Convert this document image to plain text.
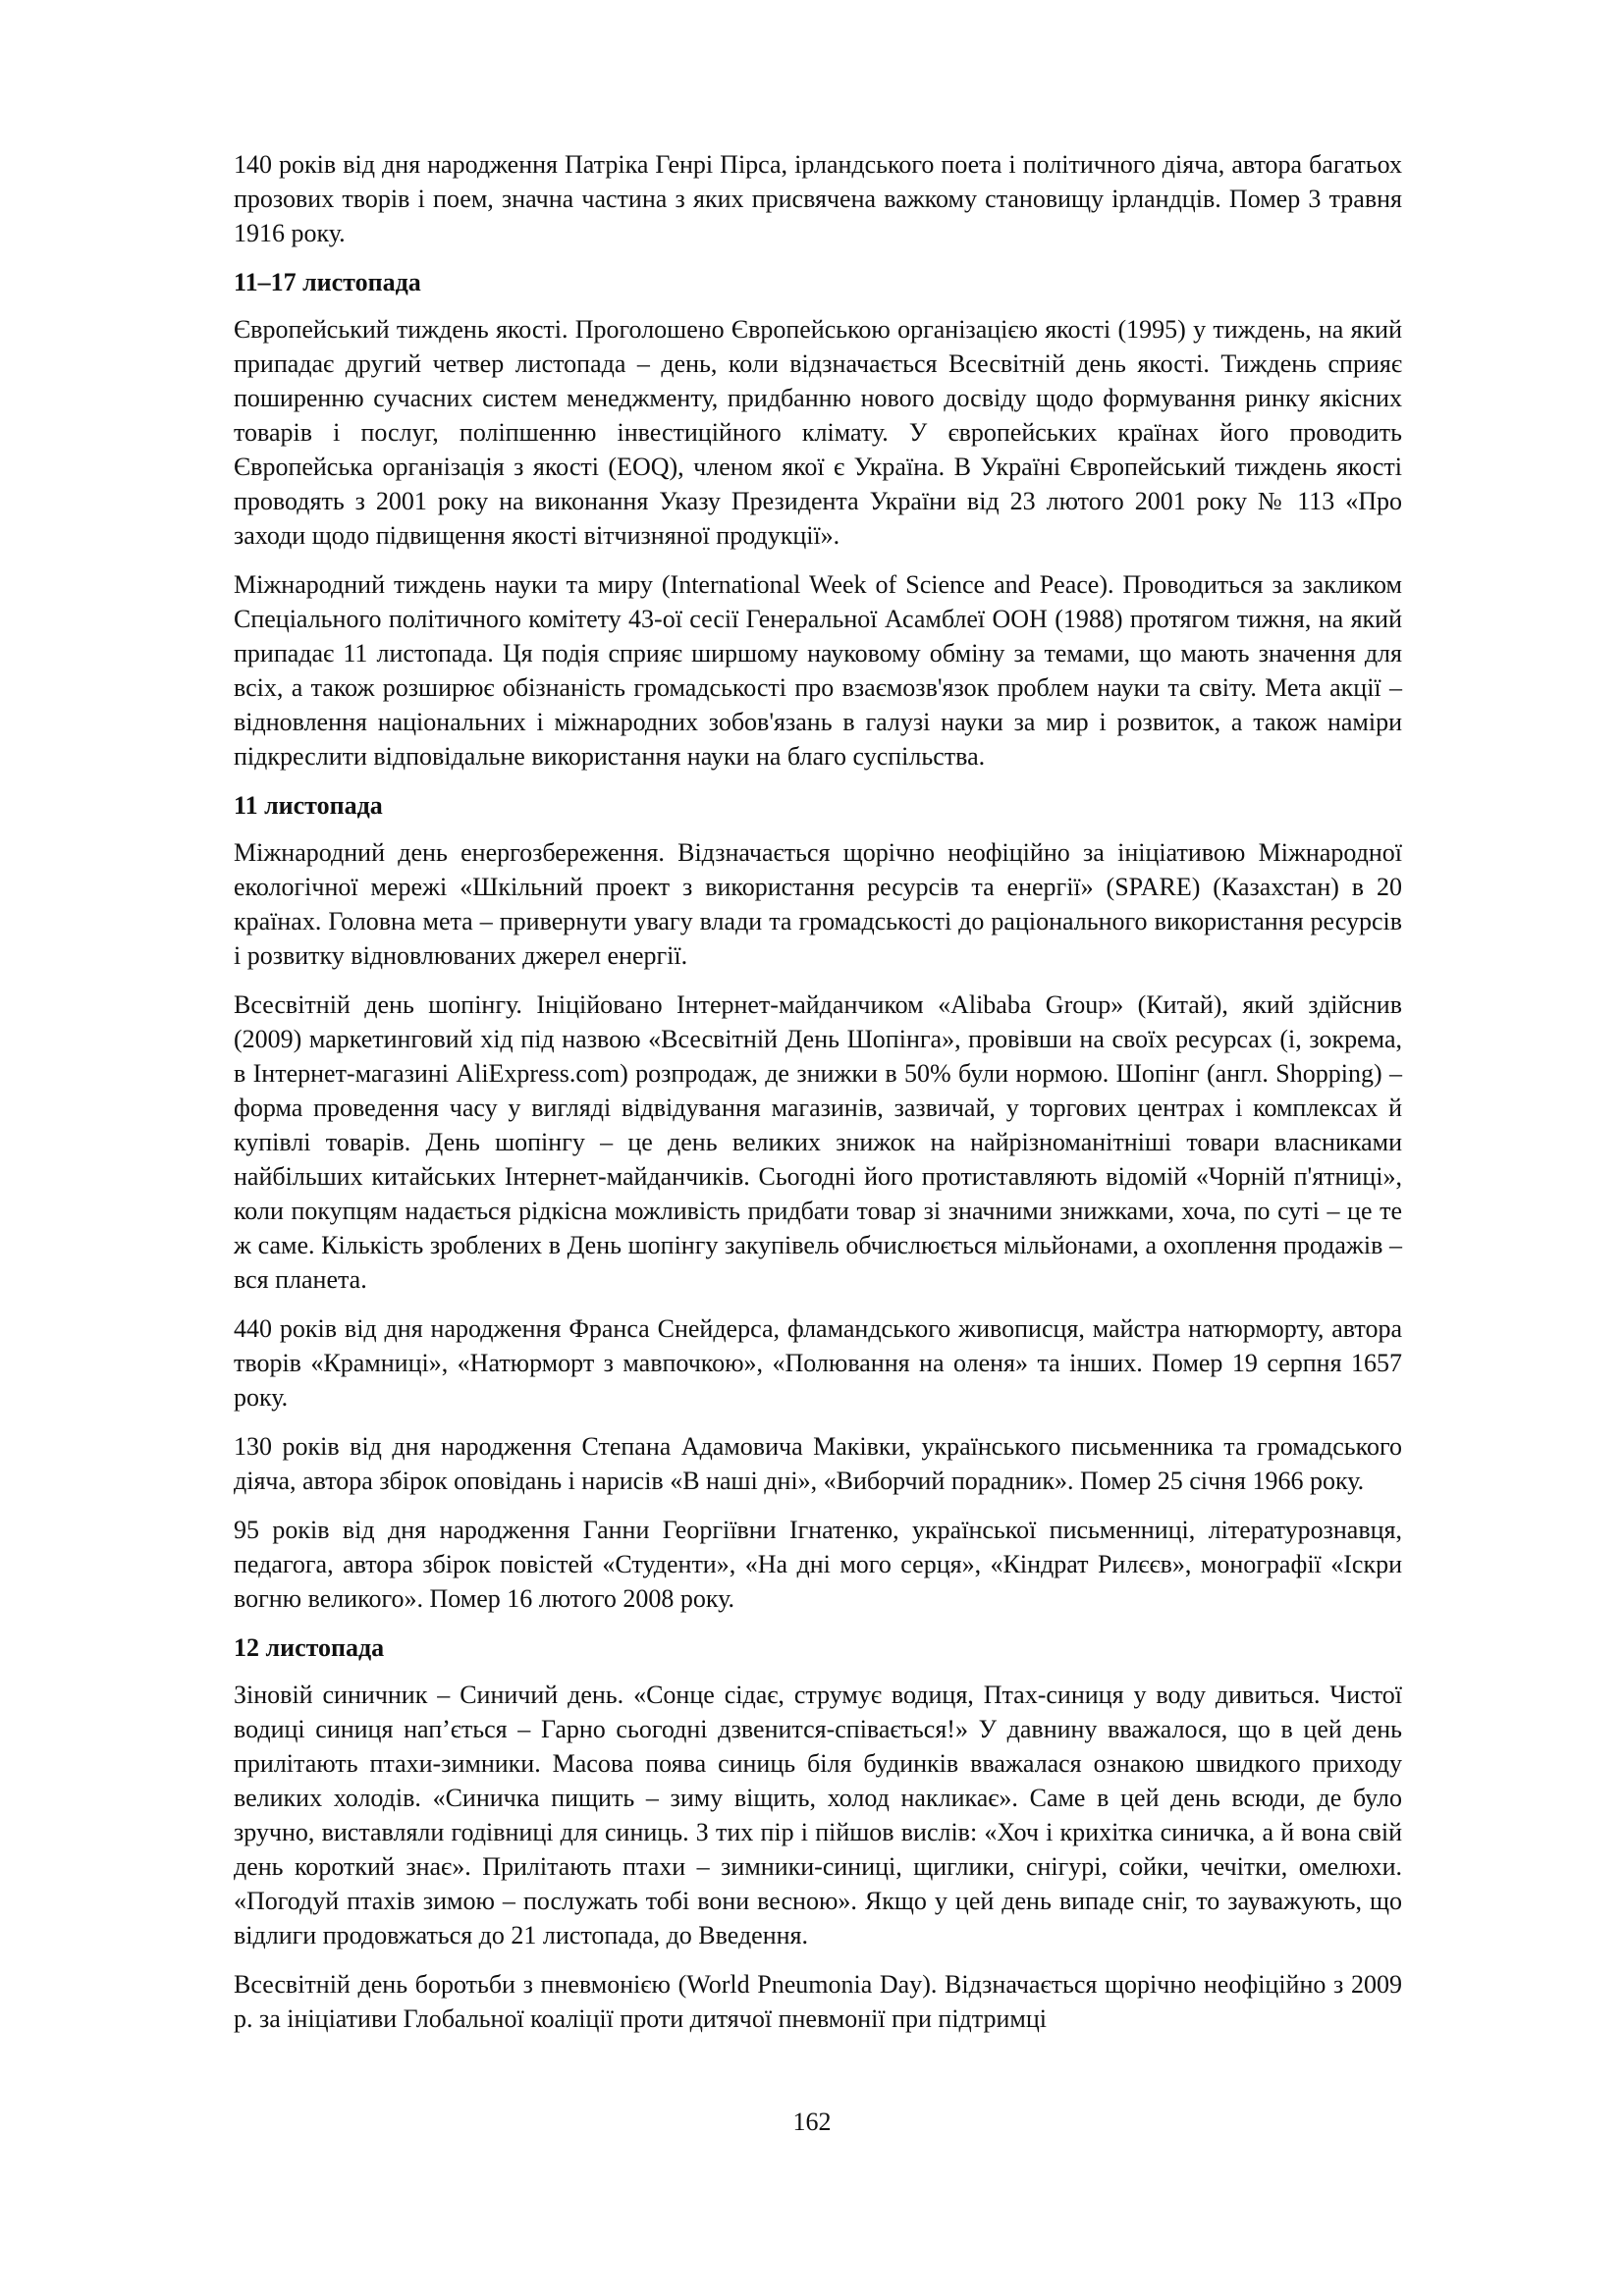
140 років від дня народження Патріка Генрі Пірса, ірландського поета і політичного діяча, автора багатьох прозових творів і поем, значна частина з яких присвячена важкому становищу ірландців. Помер 3 травня 1916 року.

11–17 листопада

Європейський тиждень якості. Проголошено Європейською організацією якості (1995) у тиждень, на який припадає другий четвер листопада – день, коли відзначається Всесвітній день якості. Тиждень сприяє поширенню сучасних систем менеджменту, придбанню нового досвіду щодо формування ринку якісних товарів і послуг, поліпшенню інвестиційного клімату. У європейських країнах його проводить Європейська організація з якості (EOQ), членом якої є Україна. В Україні Європейський тиждень якості проводять з 2001 року на виконання Указу Президента України від 23 лютого 2001 року № 113 «Про заходи щодо підвищення якості вітчизняної продукції».

Міжнародний тиждень науки та миру (International Week of Science and Peace). Проводиться за закликом Спеціального політичного комітету 43-ої сесії Генеральної Асамблеї ООН (1988) протягом тижня, на який припадає 11 листопада. Ця подія сприяє ширшому науковому обміну за темами, що мають значення для всіх, а також розширює обізнаність громадськості про взаємозв'язок проблем науки та світу. Мета акції – відновлення національних і міжнародних зобов'язань в галузі науки за мир і розвиток, а також наміри підкреслити відповідальне використання науки на благо суспільства.

11 листопада

Міжнародний день енергозбереження. Відзначається щорічно неофіційно за ініціативою Міжнародної екологічної мережі «Шкільний проект з використання ресурсів та енергії» (SPARE) (Казахстан) в 20 країнах. Головна мета – привернути увагу влади та громадськості до раціонального використання ресурсів і розвитку відновлюваних джерел енергії.

Всесвітній день шопінгу. Ініційовано Інтернет-майданчиком «Alibaba Group» (Китай), який здійснив (2009) маркетинговий хід під назвою «Всесвітній День Шопінга», провівши на своїх ресурсах (і, зокрема, в Інтернет-магазині AliExpress.com) розпродаж, де знижки в 50% були нормою. Шопінг (англ. Shopping) – форма проведення часу у вигляді відвідування магазинів, зазвичай, у торгових центрах і комплексах й купівлі товарів. День шопінгу – це день великих знижок на найрізноманітніші товари власниками найбільших китайських Інтернет-майданчиків. Сьогодні його протиставляють відомій «Чорній п'ятниці», коли покупцям надається рідкісна можливість придбати товар зі значними знижками, хоча, по суті – це те ж саме. Кількість зроблених в День шопінгу закупівель обчислюється мільйонами, а охоплення продажів – вся планета.

440 років від дня народження Франса Снейдерса, фламандського живописця, майстра натюрморту, автора творів «Крамниці», «Натюрморт з мавпочкою», «Полювання на оленя» та інших. Помер 19 серпня 1657 року.

130 років від дня народження Степана Адамовича Маківки, українського письменника та громадського діяча, автора збірок оповідань і нарисів «В наші дні», «Виборчий порадник». Помер 25 січня 1966 року.

95 років від дня народження Ганни Георгіївни Ігнатенко, української письменниці, літературознавця, педагога, автора збірок повістей «Студенти», «На дні мого серця», «Кіндрат Рилєєв», монографії «Іскри вогню великого». Помер 16 лютого 2008 року.

12 листопада

Зіновій синичник – Синичий день. «Сонце сідає, струмує водиця, Птах-синиця у воду дивиться. Чистої водиці синиця нап’ється – Гарно сьогодні дзвенится-співається!» У давнину вважалося, що в цей день прилітають птахи-зимники. Масова поява синиць біля будинків вважалася ознакою швидкого приходу великих холодів. «Синичка пищить – зиму віщить, холод накликає». Саме в цей день всюди, де було зручно, виставляли годівниці для синиць. З тих пір і пійшов вислів: «Хоч і крихітка синичка, а й вона свій день короткий знає». Прилітають птахи – зимники-синиці, щиглики, снігурі, сойки, чечітки, омелюхи. «Погодуй птахів зимою – послужать тобі вони весною». Якщо у цей день випаде сніг, то зауважують, що відлиги продовжаться до 21 листопада, до Введення.

Всесвітній день боротьби з пневмонією (World Pneumonia Day). Відзначається щорічно неофіційно з 2009 р. за ініціативи Глобальної коаліції проти дитячої пневмонії при підтримці

162
